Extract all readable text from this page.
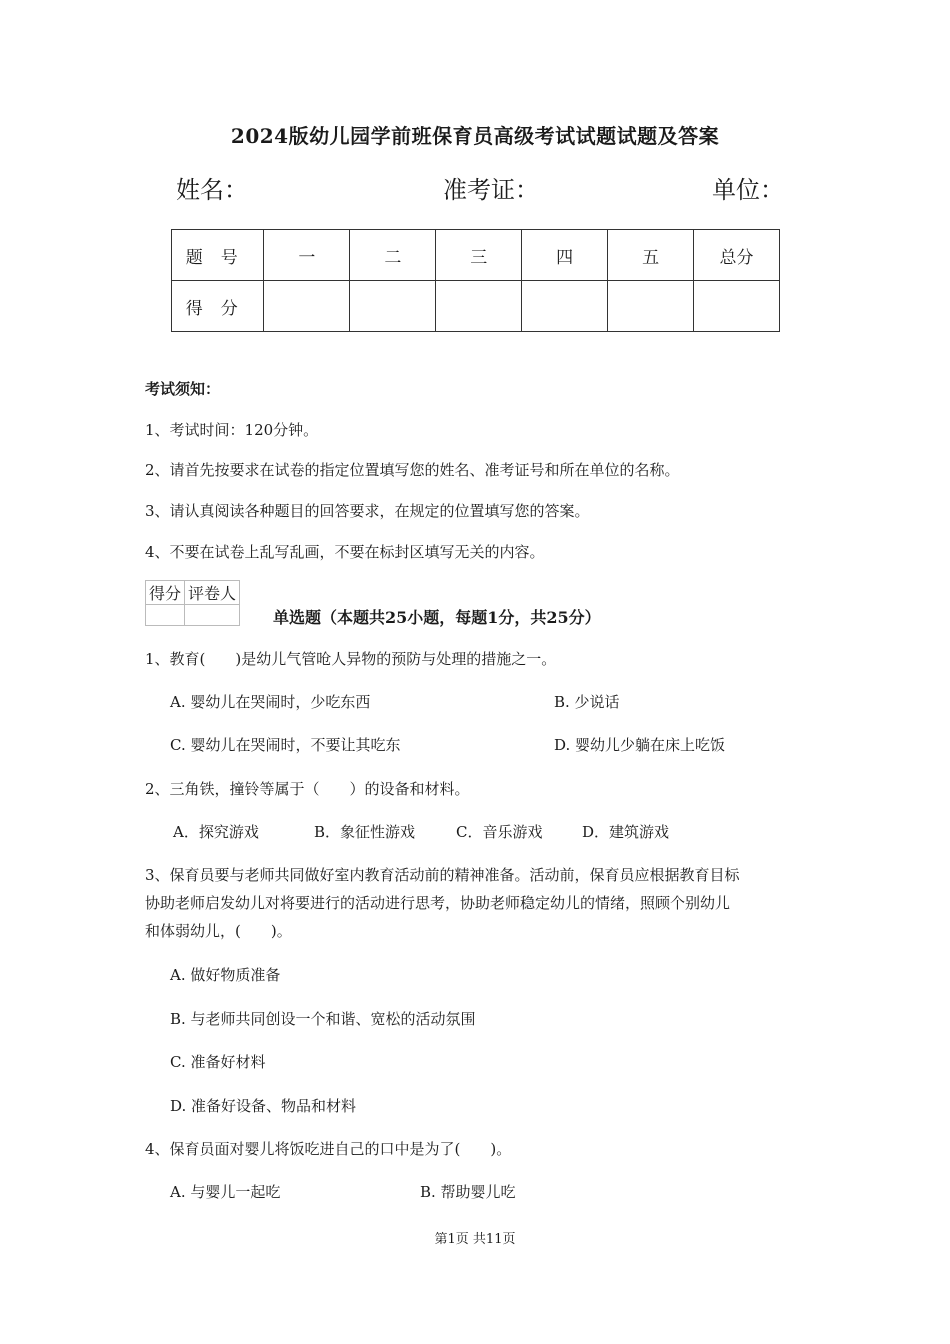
2024版幼儿园学前班保育员高级考试试题试题及答案
姓名：	准考证：	单位：
题号	一	二	三	四	五	总分
得分						
考试须知：
1、考试时间：120分钟。
2、请首先按要求在试卷的指定位置填写您的姓名、准考证号和所在单位的名称。
3、请认真阅读各种题目的回答要求，在规定的位置填写您的答案。
4、不要在试卷上乱写乱画，不要在标封区填写无关的内容。
得分	评卷人

单选题（本题共25小题，每题1分，共25分）
1、教育(　　)是幼儿气管呛人异物的预防与处理的措施之一。
A. 婴幼儿在哭闹时，少吃东西	B. 少说话
C. 婴幼儿在哭闹时，不要让其吃东	D. 婴幼儿少躺在床上吃饭
2、三角铁，撞铃等属于（　　）的设备和材料。
A．探究游戏	B．象征性游戏	C．音乐游戏	D．建筑游戏
3、保育员要与老师共同做好室内教育活动前的精神准备。活动前，保育员应根据教育目标
协助老师启发幼儿对将要进行的活动进行思考，协助老师稳定幼儿的情绪，照顾个别幼儿
和体弱幼儿，(　　)。
A. 做好物质准备
B. 与老师共同创设一个和谐、宽松的活动氛围
C. 准备好材料
D. 准备好设备、物品和材料
4、保育员面对婴儿将饭吃进自己的口中是为了(　　)。
A. 与婴儿一起吃	B. 帮助婴儿吃
第1页 共11页
